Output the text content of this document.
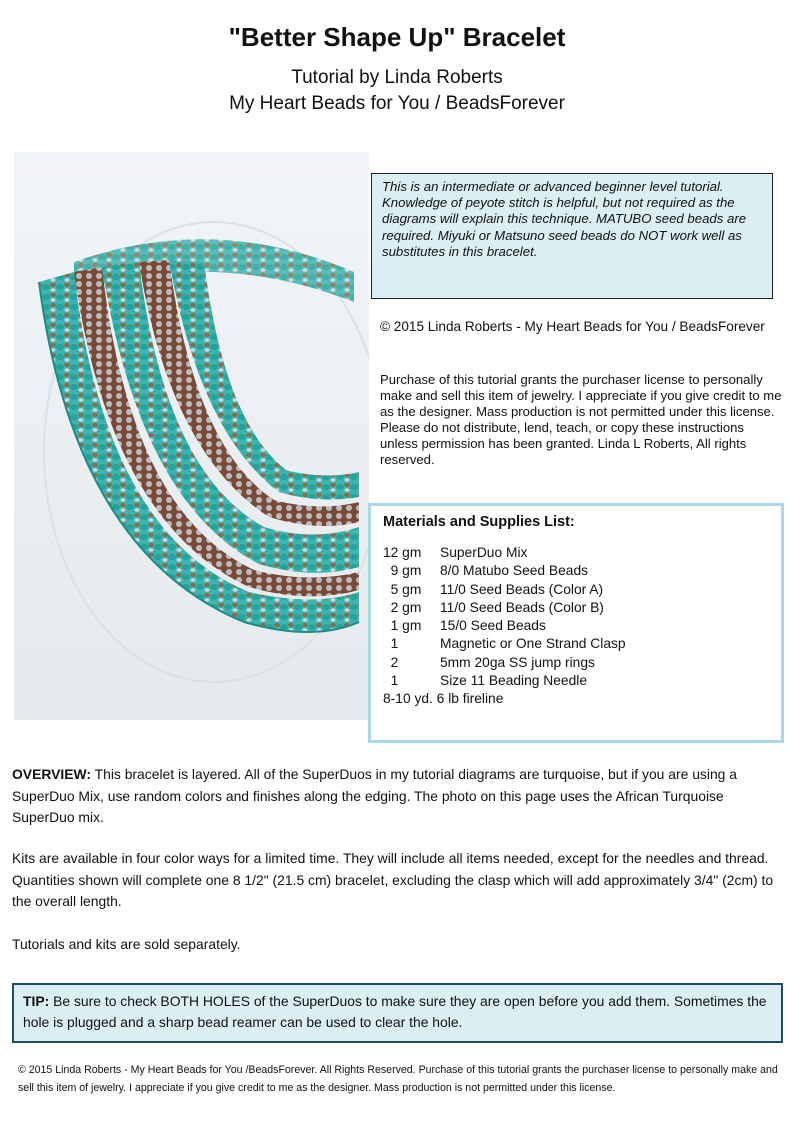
"Better Shape Up" Bracelet
Tutorial by Linda Roberts
My Heart Beads for You / BeadsForever
This is an intermediate or advanced beginner level tutorial. Knowledge of peyote stitch is helpful, but not required as the diagrams will explain this technique. MATUBO seed beads are required. Miyuki or Matsuno seed beads do NOT work well as substitutes in this bracelet.
© 2015 Linda Roberts - My Heart Beads for You / BeadsForever
Purchase of this tutorial grants the purchaser license to personally make and sell this item of jewelry. I appreciate if you give credit to me as the designer. Mass production is not permitted under this license. Please do not distribute, lend, teach, or copy these instructions unless permission has been granted. Linda L Roberts, All rights reserved.
Materials and Supplies List:
12 gm	SuperDuo Mix
9 gm	8/0 Matubo Seed Beads
5 gm	11/0 Seed Beads (Color A)
2 gm	11/0 Seed Beads (Color B)
1 gm	15/0 Seed Beads
1	Magnetic or One Strand Clasp
2	5mm 20ga SS jump rings
1	Size 11 Beading Needle
8-10 yd. 6 lb fireline
OVERVIEW: This bracelet is layered. All of the SuperDuos in my tutorial diagrams are turquoise, but if you are using a SuperDuo Mix, use random colors and finishes along the edging. The photo on this page uses the African Turquoise SuperDuo mix.
Kits are available in four color ways for a limited time. They will include all items needed, except for the needles and thread. Quantities shown will complete one 8 1/2" (21.5 cm) bracelet, excluding the clasp which will add approximately 3/4" (2cm) to the overall length.
Tutorials and kits are sold separately.
TIP: Be sure to check BOTH HOLES of the SuperDuos to make sure they are open before you add them. Sometimes the hole is plugged and a sharp bead reamer can be used to clear the hole.
© 2015 Linda Roberts - My Heart Beads for You /BeadsForever. All Rights Reserved. Purchase of this tutorial grants the purchaser license to personally make and sell this item of jewelry. I appreciate if you give credit to me as the designer. Mass production is not permitted under this license.
